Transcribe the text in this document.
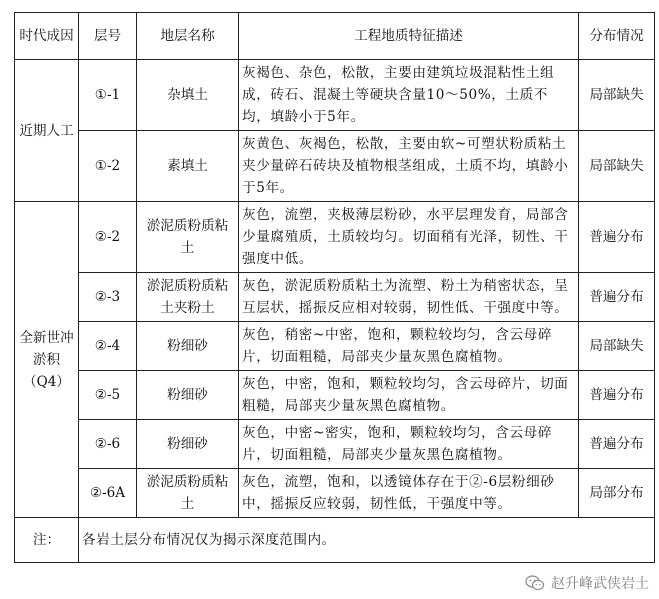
时代成因	层号	地层名称	工程地质特征描述	分布情况
近期人工	①-1	杂填土	灰褐色、杂色，松散，主要由建筑垃圾混粘性土组成，砖石、混凝土等硬块含量10～50%，土质不均，填龄小于5年。	局部缺失
	①-2	素填土	灰黄色、灰褐色，松散，主要由软~可塑状粉质粘土夹少量碎石砖块及植物根茎组成，土质不均，填龄小于5年。	局部缺失
全新世冲淤积（Q4）	②-2	淤泥质粉质粘土	灰色，流塑，夹极薄层粉砂，水平层理发育，局部含少量腐殖质，土质较均匀。切面稍有光泽，韧性、干强度中低。	普遍分布
	②-3	淤泥质粉质粘土夹粉土	灰色，淤泥质粉质粘土为流塑、粉土为稍密状态，呈互层状，摇振反应相对较弱，韧性低、干强度中等。	普遍分布
	②-4	粉细砂	灰色，稍密~中密，饱和，颗粒较均匀，含云母碎片，切面粗糙，局部夹少量灰黑色腐植物。	局部缺失
	②-5	粉细砂	灰色，中密，饱和，颗粒较均匀，含云母碎片，切面粗糙，局部夹少量灰黑色腐植物。	普遍分布
	②-6	粉细砂	灰色，中密~密实，饱和，颗粒较均匀，含云母碎片，切面粗糙，局部夹少量灰黑色腐植物。	普遍分布
	②-6A	淤泥质粉质粘土	灰色，流塑，饱和，以透镜体存在于②-6层粉细砂中，摇振反应较弱，韧性低，干强度中等。	局部分布
注：	各岩土层分布情况仅为揭示深度范围内。			
赵升峰武侠岩土
